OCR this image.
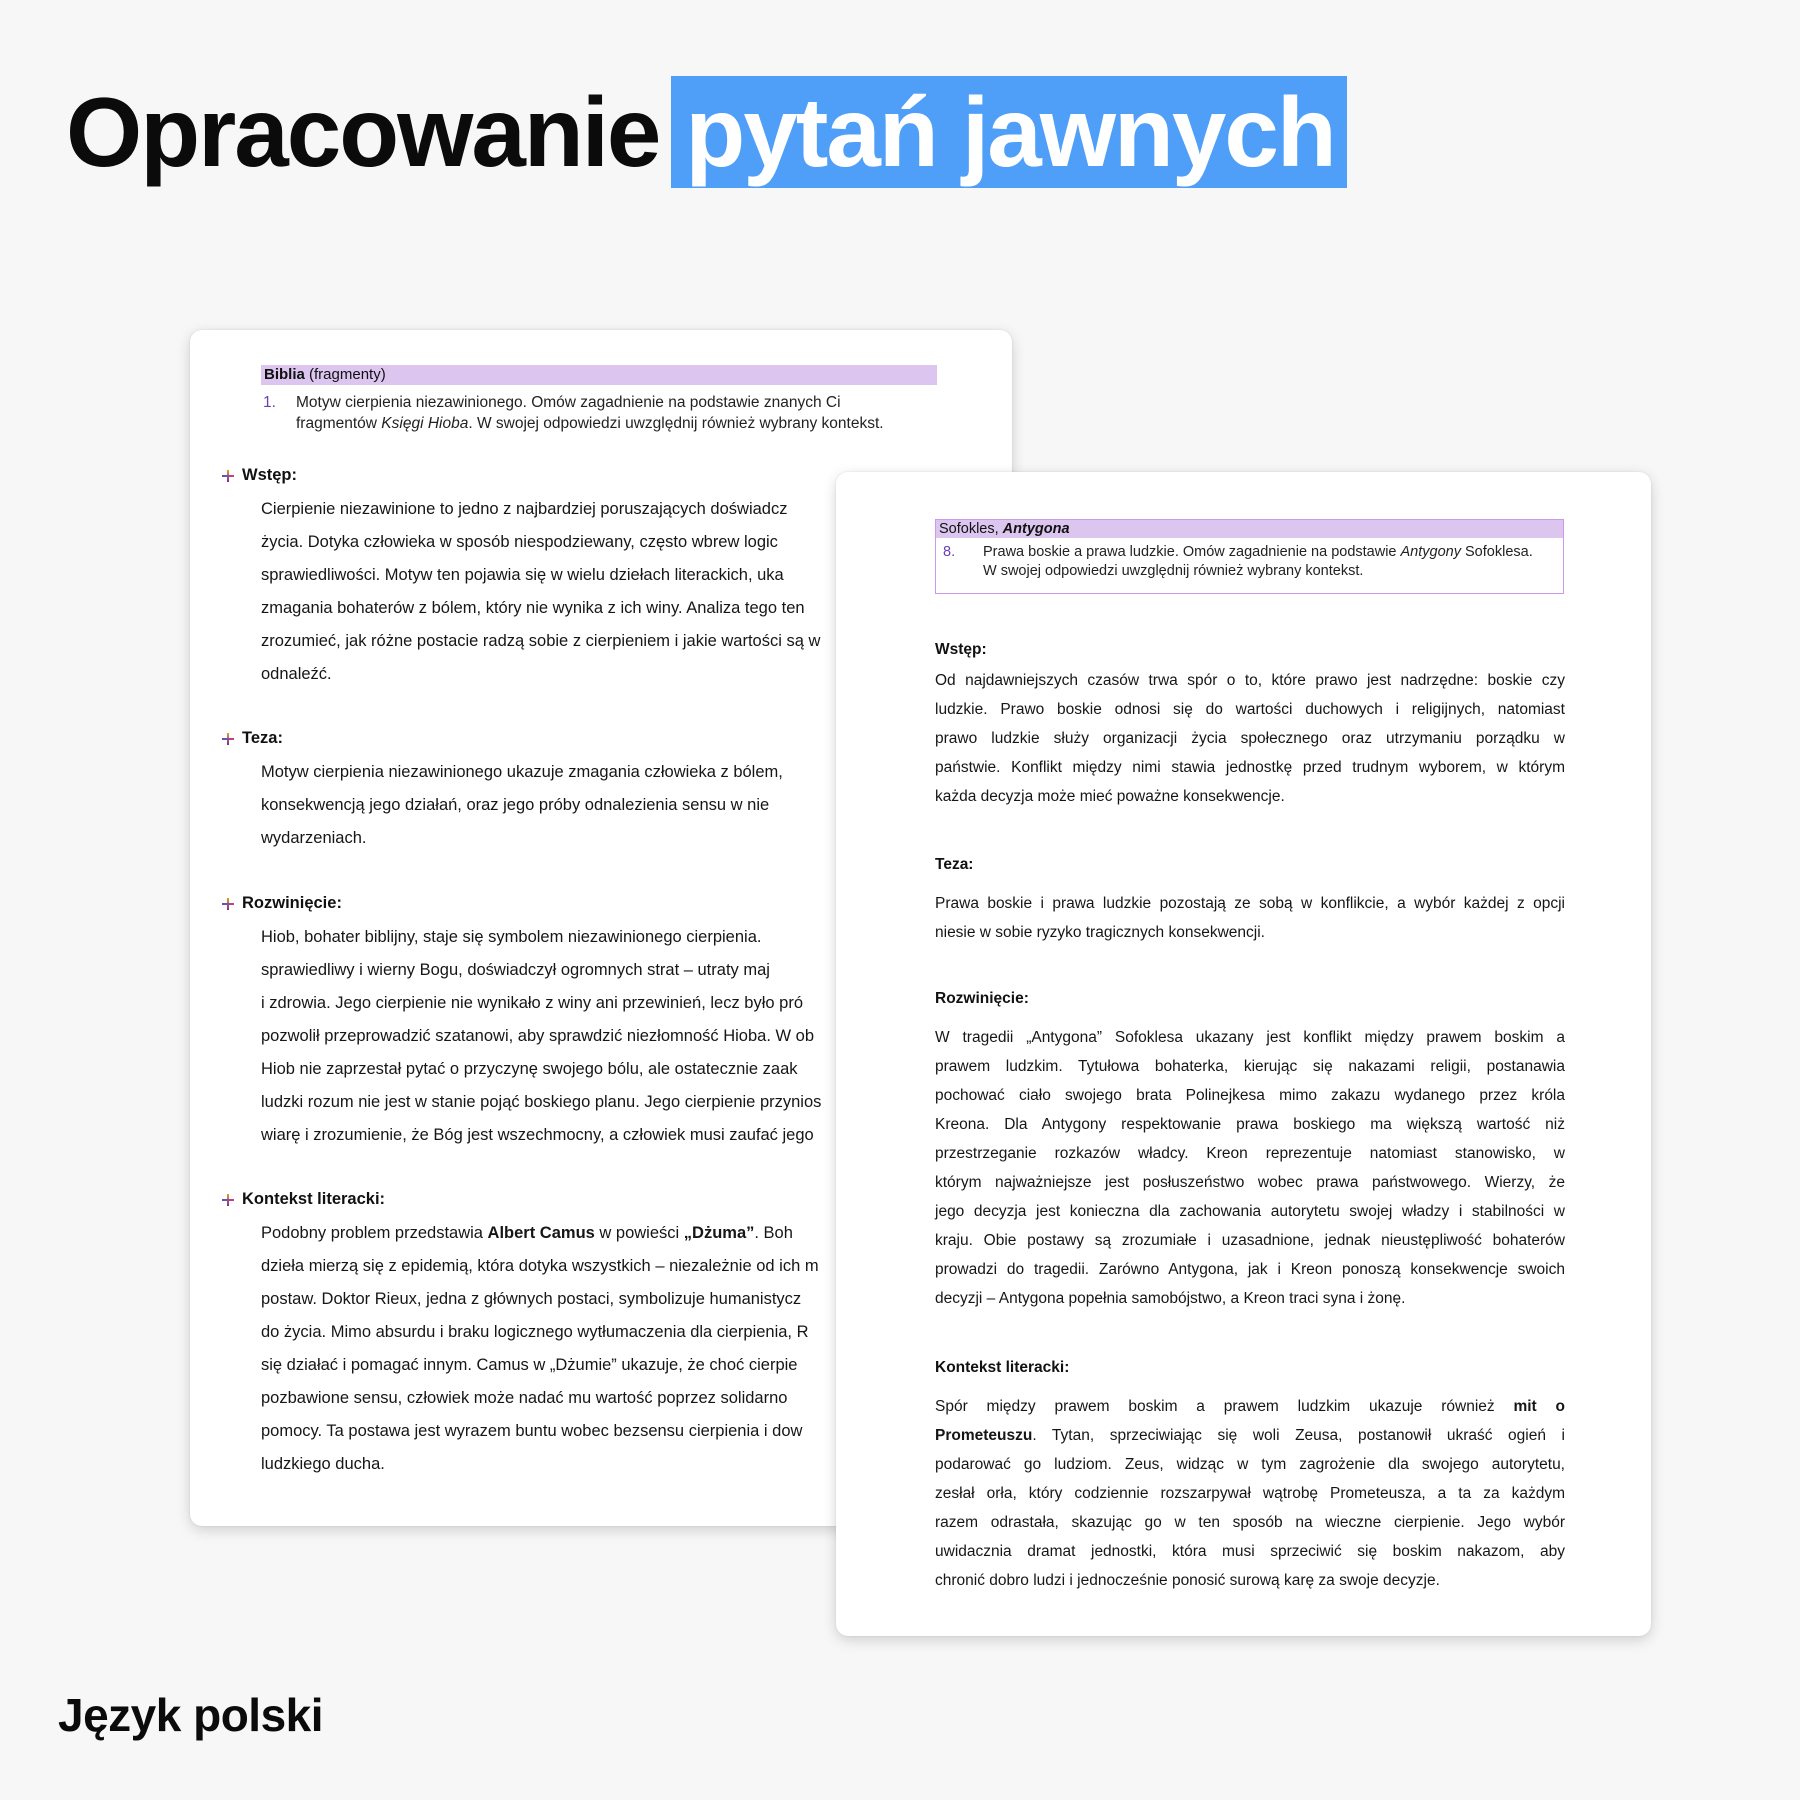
Opracowanie pytań jawnych
Biblia (fragmenty)
1.	Motyw cierpienia niezawinionego. Omów zagadnienie na podstawie znanych Ci
fragmentów Księgi Hioba. W swojej odpowiedzi uwzględnij również wybrany kontekst.
Wstęp:
Cierpienie niezawinione to jedno z najbardziej poruszających doświadcz
życia. Dotyka człowieka w sposób niespodziewany, często wbrew logic
sprawiedliwości. Motyw ten pojawia się w wielu dziełach literackich, uka
zmagania bohaterów z bólem, który nie wynika z ich winy. Analiza tego ten
zrozumieć, jak różne postacie radzą sobie z cierpieniem i jakie wartości są w
odnaleźć.
Teza:
Motyw cierpienia niezawinionego ukazuje zmagania człowieka z bólem,
konsekwencją jego działań, oraz jego próby odnalezienia sensu w nie
wydarzeniach.
Rozwinięcie:
Hiob, bohater biblijny, staje się symbolem niezawinionego cierpienia.
sprawiedliwy i wierny Bogu, doświadczył ogromnych strat – utraty maj
i zdrowia. Jego cierpienie nie wynikało z winy ani przewinień, lecz było pró
pozwolił przeprowadzić szatanowi, aby sprawdzić niezłomność Hioba. W ob
Hiob nie zaprzestał pytać o przyczynę swojego bólu, ale ostatecznie zaak
ludzki rozum nie jest w stanie pojąć boskiego planu. Jego cierpienie przynios
wiarę i zrozumienie, że Bóg jest wszechmocny, a człowiek musi zaufać jego
Kontekst literacki:
Podobny problem przedstawia Albert Camus w powieści „Dżuma”. Boh
dzieła mierzą się z epidemią, która dotyka wszystkich – niezależnie od ich m
postaw. Doktor Rieux, jedna z głównych postaci, symbolizuje humanistycz
do życia. Mimo absurdu i braku logicznego wytłumaczenia dla cierpienia, R
się działać i pomagać innym. Camus w „Dżumie” ukazuje, że choć cierpie
pozbawione sensu, człowiek może nadać mu wartość poprzez solidarno
pomocy. Ta postawa jest wyrazem buntu wobec bezsensu cierpienia i dow
ludzkiego ducha.
Sofokles, Antygona
8.	Prawa boskie a prawa ludzkie. Omów zagadnienie na podstawie Antygony Sofoklesa.
W swojej odpowiedzi uwzględnij również wybrany kontekst.
Wstęp:
Od najdawniejszych czasów trwa spór o to, które prawo jest nadrzędne: boskie czy
ludzkie. Prawo boskie odnosi się do wartości duchowych i religijnych, natomiast
prawo ludzkie służy organizacji życia społecznego oraz utrzymaniu porządku w
państwie. Konflikt między nimi stawia jednostkę przed trudnym wyborem, w którym
każda decyzja może mieć poważne konsekwencje.
Teza:
Prawa boskie i prawa ludzkie pozostają ze sobą w konflikcie, a wybór każdej z opcji
niesie w sobie ryzyko tragicznych konsekwencji.
Rozwinięcie:
W tragedii „Antygona” Sofoklesa ukazany jest konflikt między prawem boskim a
prawem ludzkim. Tytułowa bohaterka, kierując się nakazami religii, postanawia
pochować ciało swojego brata Polinejkesa mimo zakazu wydanego przez króla
Kreona. Dla Antygony respektowanie prawa boskiego ma większą wartość niż
przestrzeganie rozkazów władcy. Kreon reprezentuje natomiast stanowisko, w
którym najważniejsze jest posłuszeństwo wobec prawa państwowego. Wierzy, że
jego decyzja jest konieczna dla zachowania autorytetu swojej władzy i stabilności w
kraju. Obie postawy są zrozumiałe i uzasadnione, jednak nieustępliwość bohaterów
prowadzi do tragedii. Zarówno Antygona, jak i Kreon ponoszą konsekwencje swoich
decyzji – Antygona popełnia samobójstwo, a Kreon traci syna i żonę.
Kontekst literacki:
Spór między prawem boskim a prawem ludzkim ukazuje również mit o
Prometeuszu. Tytan, sprzeciwiając się woli Zeusa, postanowił ukraść ogień i
podarować go ludziom. Zeus, widząc w tym zagrożenie dla swojego autorytetu,
zesłał orła, który codziennie rozszarpywał wątrobę Prometeusza, a ta za każdym
razem odrastała, skazując go w ten sposób na wieczne cierpienie. Jego wybór
uwidacznia dramat jednostki, która musi sprzeciwić się boskim nakazom, aby
chronić dobro ludzi i jednocześnie ponosić surową karę za swoje decyzje.
Język polski
